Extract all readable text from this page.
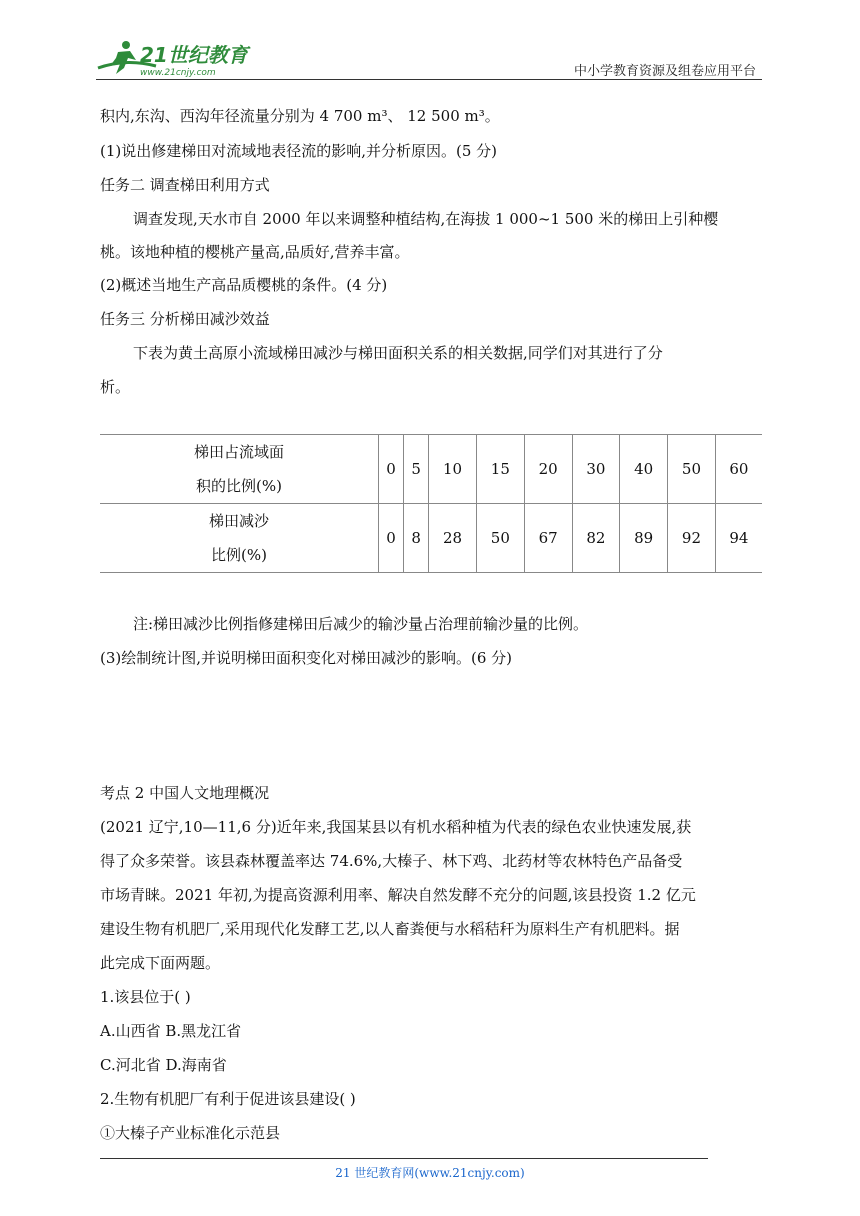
21世纪教育
www.21cnjy.com	中小学教育资源及组卷应用平台
积内,东沟、西沟年径流量分别为 4 700 m³、 12 500 m³。
(1)说出修建梯田对流域地表径流的影响,并分析原因。(5 分)
任务二 调查梯田利用方式
调查发现,天水市自 2000 年以来调整种植结构,在海拔 1 000~1 500 米的梯田上引种樱
桃。该地种植的樱桃产量高,品质好,营养丰富。
(2)概述当地生产高品质樱桃的条件。(4 分)
任务三 分析梯田减沙效益
下表为黄土高原小流域梯田减沙与梯田面积关系的相关数据,同学们对其进行了分
析。
梯田占流域面
积的比例(%)	0	5	10	15	20	30	40	50	60

梯田减沙
比例(%)	0	8	28	50	67	82	89	92	94
注:梯田减沙比例指修建梯田后减少的输沙量占治理前输沙量的比例。
(3)绘制统计图,并说明梯田面积变化对梯田减沙的影响。(6 分)
考点 2 中国人文地理概况
(2021 辽宁,10—11,6 分)近年来,我国某县以有机水稻种植为代表的绿色农业快速发展,获
得了众多荣誉。该县森林覆盖率达 74.6%,大榛子、林下鸡、北药材等农林特色产品备受
市场青睐。2021 年初,为提高资源利用率、解决自然发酵不充分的问题,该县投资 1.2 亿元
建设生物有机肥厂,采用现代化发酵工艺,以人畜粪便与水稻秸秆为原料生产有机肥料。据
此完成下面两题。
1.该县位于( )
A.山西省 B.黑龙江省
C.河北省 D.海南省
2.生物有机肥厂有利于促进该县建设( )
①大榛子产业标准化示范县
21 世纪教育网(www.21cnjy.com)
